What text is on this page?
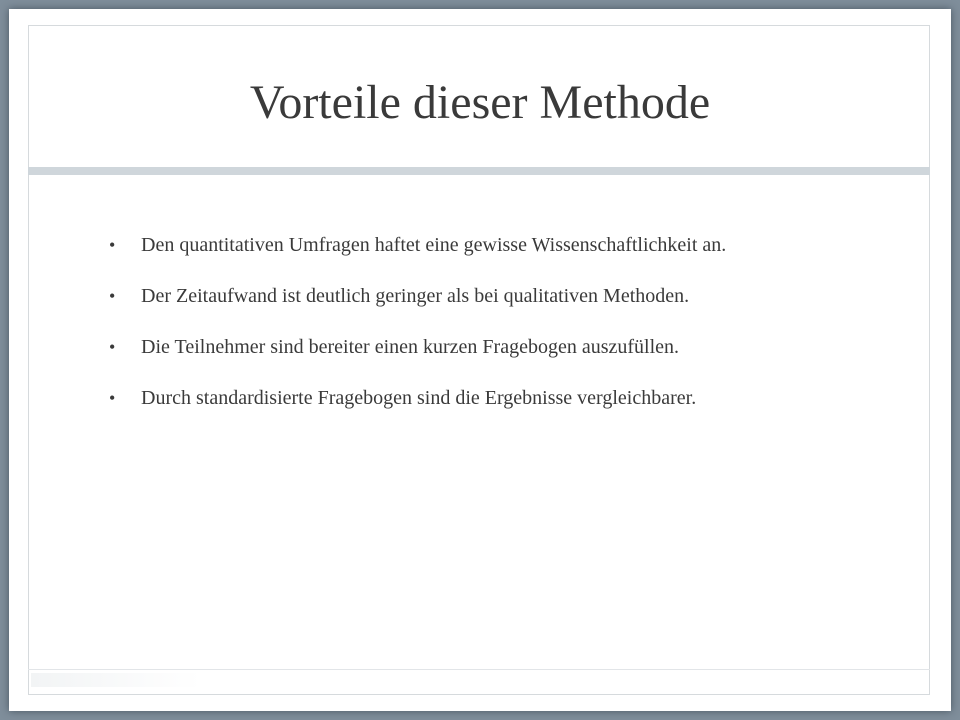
Vorteile dieser Methode
• Den quantitativen Umfragen haftet eine gewisse Wissenschaftlichkeit an.
• Der Zeitaufwand ist deutlich geringer als bei qualitativen Methoden.
• Die Teilnehmer sind bereiter einen kurzen Fragebogen auszufüllen.
• Durch standardisierte Fragebogen sind die Ergebnisse vergleichbarer.
